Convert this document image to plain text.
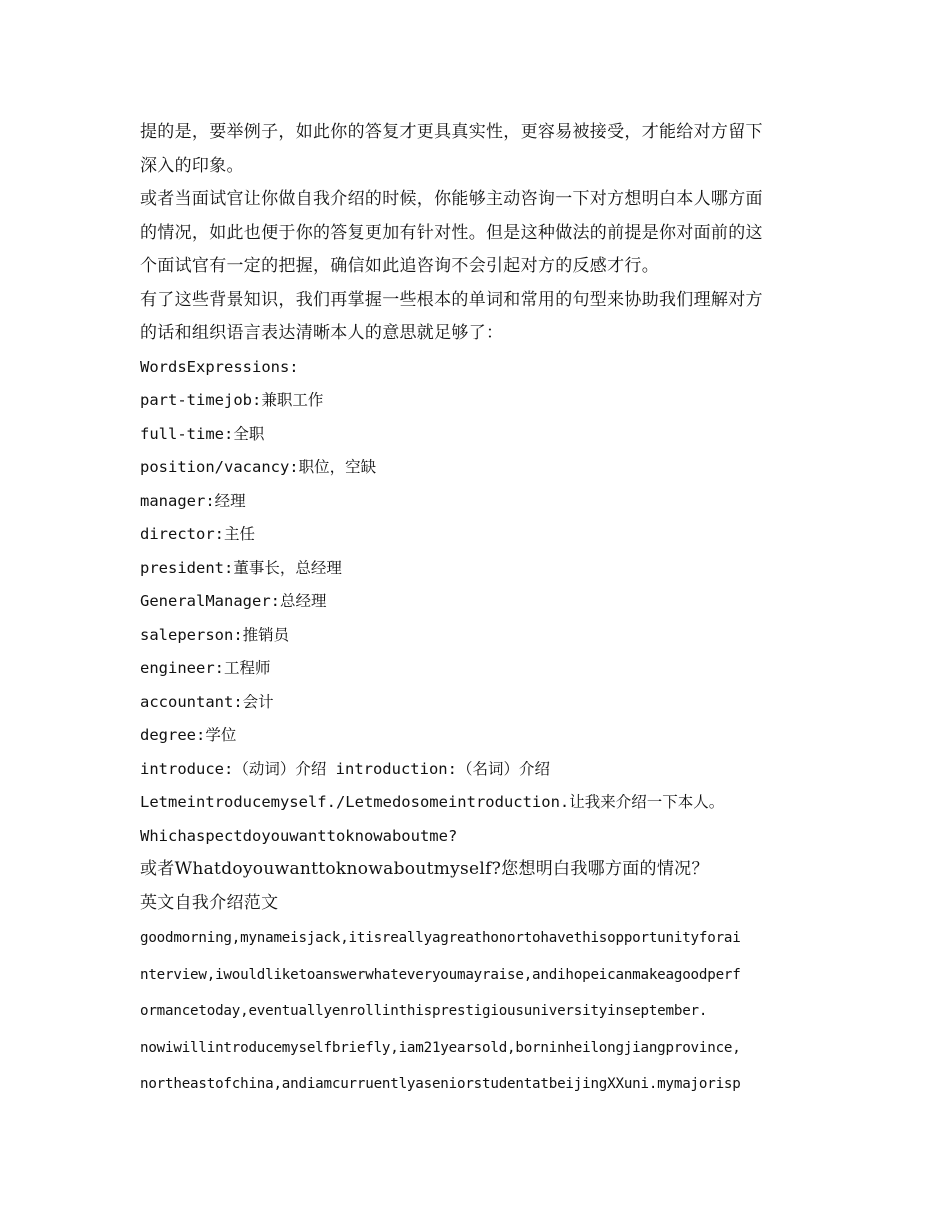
提的是，要举例子，如此你的答复才更具真实性，更容易被接受，才能给对方留下
深入的印象。
或者当面试官让你做自我介绍的时候，你能够主动咨询一下对方想明白本人哪方面
的情况，如此也便于你的答复更加有针对性。但是这种做法的前提是你对面前的这
个面试官有一定的把握，确信如此追咨询不会引起对方的反感才行。
有了这些背景知识，我们再掌握一些根本的单词和常用的句型来协助我们理解对方
的话和组织语言表达清晰本人的意思就足够了：
WordsExpressions:
part-timejob:兼职工作
full-time:全职
position/vacancy:职位，空缺
manager:经理
director:主任
president:董事长，总经理
GeneralManager:总经理
saleperson:推销员
engineer:工程师
accountant:会计
degree:学位
introduce:（动词）介绍 introduction:（名词）介绍
Letmeintroducemyself./Letmedosomeintroduction.让我来介绍一下本人。
Whichaspectdoyouwanttoknowaboutme?
或者Whatdoyouwanttoknowaboutmyself?您想明白我哪方面的情况？
英文自我介绍范文
goodmorning,mynameisjack,itisreallyagreathonortohavethisopportunityforai
nterview,iwouldliketoanswerwhateveryoumayraise,andihopeicanmakeagoodperf
ormancetoday,eventuallyenrollinthisprestigiousuniversityinseptember.
nowiwillintroducemyselfbriefly,iam21yearsold,borninheilongjiangprovince,
northeastofchina,andiamcurruentlyaseniorstudentatbeijingXXuni.mymajorisp
